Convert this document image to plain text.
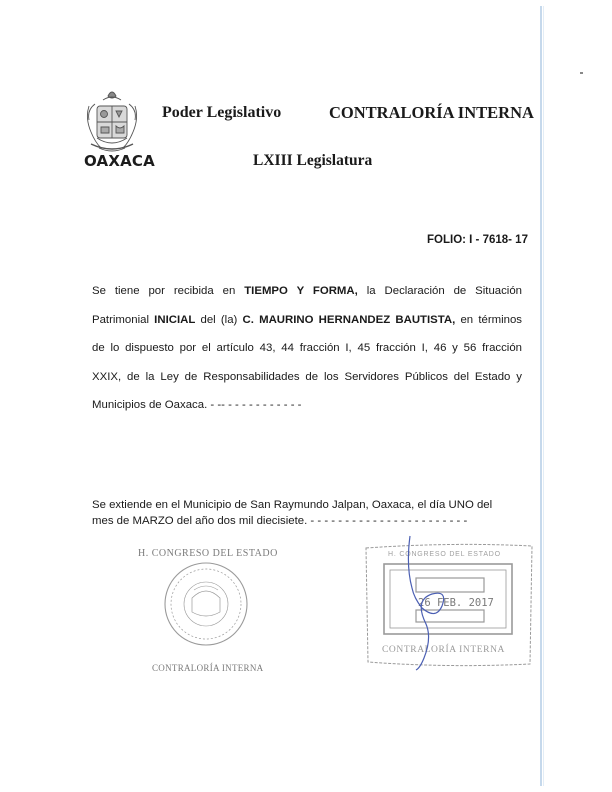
OAXACA
Poder Legislativo	CONTRALORÍA INTERNA
LXIII Legislatura
FOLIO: I - 7618- 17
Se tiene por recibida en TIEMPO Y FORMA, la Declaración de Situación
Patrimonial INICIAL del (la) C. MAURINO HERNANDEZ BAUTISTA, en términos
de lo dispuesto por el artículo 43, 44 fracción I, 45 fracción I, 46 y 56 fracción
XXIX, de la Ley de Responsabilidades de los Servidores Públicos del Estado y
Municipios de Oaxaca. - -- - - - - - - - - - - -
Se extiende en el Municipio de San Raymundo Jalpan, Oaxaca, el día UNO del
mes de MARZO del año dos mil diecisiete. - - - - - - - - - - - - - - - - - - - - - - -
H. CONGRESO DEL ESTADO
CONTRALORÍA INTERNA
H. CONGRESO DEL ESTADO
26 FEB. 2017
CONTRALORÍA INTERNA
